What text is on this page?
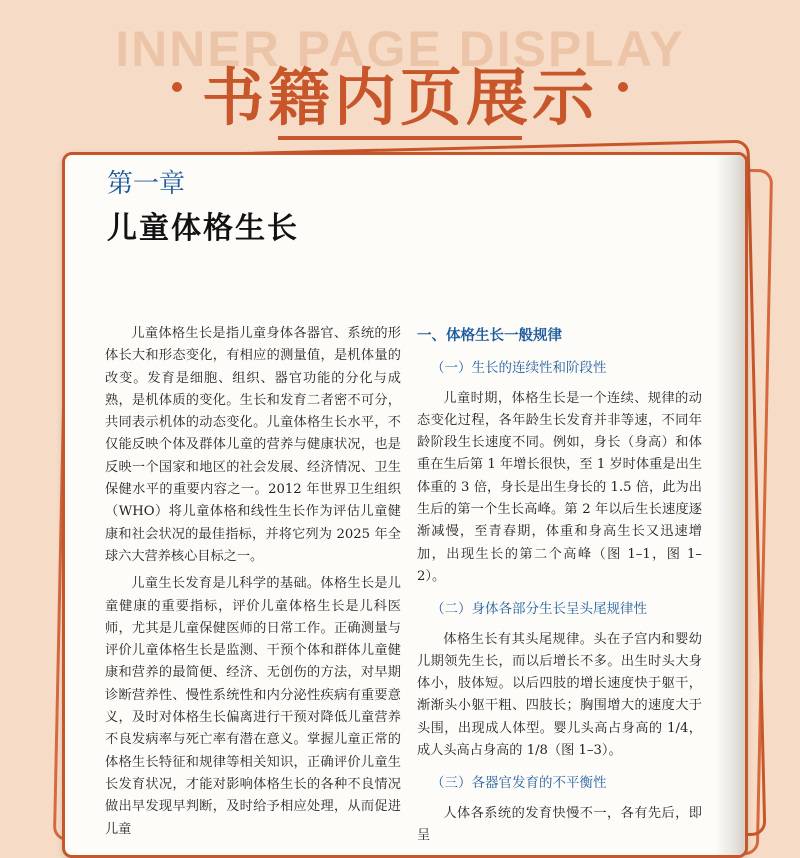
INNER PAGE DISPLAY
书籍内页展示
第一章
儿童体格生长

儿童体格生长是指儿童身体各器官、系统的形体长大和形态变化，有相应的测量值，是机体量的改变。发育是细胞、组织、器官功能的分化与成熟，是机体质的变化。生长和发育二者密不可分，共同表示机体的动态变化。儿童体格生长水平，不仅能反映个体及群体儿童的营养与健康状况，也是反映一个国家和地区的社会发展、经济情况、卫生保健水平的重要内容之一。2012 年世界卫生组织（WHO）将儿童体格和线性生长作为评估儿童健康和社会状况的最佳指标，并将它列为 2025 年全球六大营养核心目标之一。

儿童生长发育是儿科学的基础。体格生长是儿童健康的重要指标，评价儿童体格生长是儿科医师，尤其是儿童保健医师的日常工作。正确测量与评价儿童体格生长是监测、干预个体和群体儿童健康和营养的最简便、经济、无创伤的方法，对早期诊断营养性、慢性系统性和内分泌性疾病有重要意义，及时对体格生长偏离进行干预对降低儿童营养不良发病率与死亡率有潜在意义。掌握儿童正常的体格生长特征和规律等相关知识，正确评价儿童生长发育状况，才能对影响体格生长的各种不良情况做出早发现早判断，及时给予相应处理，从而促进儿童

一、体格生长一般规律
（一）生长的连续性和阶段性

儿童时期，体格生长是一个连续、规律的动态变化过程，各年龄生长发育并非等速，不同年龄阶段生长速度不同。例如，身长（身高）和体重在生后第 1 年增长很快，至 1 岁时体重是出生体重的 3 倍，身长是出生身长的 1.5 倍，此为出生后的第一个生长高峰。第 2 年以后生长速度逐渐减慢，至青春期，体重和身高生长又迅速增加，出现生长的第二个高峰（图 1–1，图 1–2）。

（二）身体各部分生长呈头尾规律性

体格生长有其头尾规律。头在子宫内和婴幼儿期领先生长，而以后增长不多。出生时头大身体小，肢体短。以后四肢的增长速度快于躯干，渐渐头小躯干粗、四肢长；胸围增大的速度大于头围，出现成人体型。婴儿头高占身高的 1/4，成人头高占身高的 1/8（图 1–3）。

（三）各器官发育的不平衡性

人体各系统的发育快慢不一，各有先后，即呈
